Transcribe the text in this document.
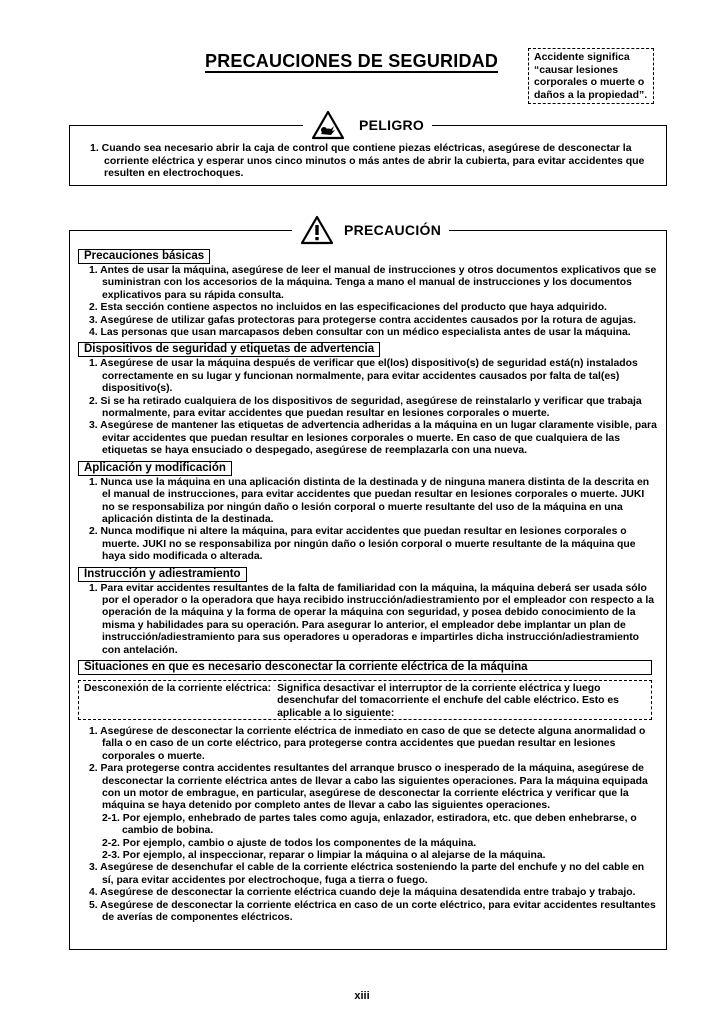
PRECAUCIONES DE SEGURIDAD	Accidente significa “causar lesiones corporales o muerte o daños a la propiedad”.
PELIGRO
1. Cuando sea necesario abrir la caja de control que contiene piezas eléctricas, asegúrese de desconectar la corriente eléctrica y esperar unos cinco minutos o más antes de abrir la cubierta, para evitar accidentes que resulten en electrochoques.
PRECAUCIÓN
Precauciones básicas
1. Antes de usar la máquina, asegúrese de leer el manual de instrucciones y otros documentos explicativos que se suministran con los accesorios de la máquina. Tenga a mano el manual de instrucciones y los documentos explicativos para su rápida consulta.
2. Esta sección contiene aspectos no incluidos en las especificaciones del producto que haya adquirido.
3. Asegúrese de utilizar gafas protectoras para protegerse contra accidentes causados por la rotura de agujas.
4. Las personas que usan marcapasos deben consultar con un médico especialista antes de usar la máquina.
Dispositivos de seguridad y etiquetas de advertencia
1. Asegúrese de usar la máquina después de verificar que el(los) dispositivo(s) de seguridad está(n) instalados correctamente en su lugar y funcionan normalmente, para evitar accidentes causados por falta de tal(es) dispositivo(s).
2. Si se ha retirado cualquiera de los dispositivos de seguridad, asegúrese de reinstalarlo y verificar que trabaja normalmente, para evitar accidentes que puedan resultar en lesiones corporales o muerte.
3. Asegúrese de mantener las etiquetas de advertencia adheridas a la máquina en un lugar claramente visible, para evitar accidentes que puedan resultar en lesiones corporales o muerte. En caso de que cualquiera de las etiquetas se haya ensuciado o despegado, asegúrese de reemplazarla con una nueva.
Aplicación y modificación
1. Nunca use la máquina en una aplicación distinta de la destinada y de ninguna manera distinta de la descrita en el manual de instrucciones, para evitar accidentes que puedan resultar en lesiones corporales o muerte. JUKI no se responsabiliza por ningún daño o lesión corporal o muerte resultante del uso de la máquina en una aplicación distinta de la destinada.
2. Nunca modifique ni altere la máquina, para evitar accidentes que puedan resultar en lesiones corporales o muerte. JUKI no se responsabiliza por ningún daño o lesión corporal o muerte resultante de la máquina que haya sido modificada o alterada.
Instrucción y adiestramiento
1. Para evitar accidentes resultantes de la falta de familiaridad con la máquina, la máquina deberá ser usada sólo por el operador o la operadora que haya recibido instrucción/adiestramiento por el empleador con respecto a la operación de la máquina y la forma de operar la máquina con seguridad, y posea debido conocimiento de la misma y habilidades para su operación. Para asegurar lo anterior, el empleador debe implantar un plan de instrucción/adiestramiento para sus operadores u operadoras e impartirles dicha instrucción/adiestramiento con antelación.
Situaciones en que es necesario desconectar la corriente eléctrica de la máquina
Desconexión de la corriente eléctrica: Significa desactivar el interruptor de la corriente eléctrica y luego desenchufar del tomacorriente el enchufe del cable eléctrico. Esto es aplicable a lo siguiente:
1. Asegúrese de desconectar la corriente eléctrica de inmediato en caso de que se detecte alguna anormalidad o falla o en caso de un corte eléctrico, para protegerse contra accidentes que puedan resultar en lesiones corporales o muerte.
2. Para protegerse contra accidentes resultantes del arranque brusco o inesperado de la máquina, asegúrese de desconectar la corriente eléctrica antes de llevar a cabo las siguientes operaciones. Para la máquina equipada con un motor de embrague, en particular, asegúrese de desconectar la corriente eléctrica y verificar que la máquina se haya detenido por completo antes de llevar a cabo las siguientes operaciones.
2-1. Por ejemplo, enhebrado de partes tales como aguja, enlazador, estiradora, etc. que deben enhebrarse, o cambio de bobina.
2-2. Por ejemplo, cambio o ajuste de todos los componentes de la máquina.
2-3. Por ejemplo, al inspeccionar, reparar o limpiar la máquina o al alejarse de la máquina.
3. Asegúrese de desenchufar el cable de la corriente eléctrica sosteniendo la parte del enchufe y no del cable en sí, para evitar accidentes por electrochoque, fuga a tierra o fuego.
4. Asegúrese de desconectar la corriente eléctrica cuando deje la máquina desatendida entre trabajo y trabajo.
5. Asegúrese de desconectar la corriente eléctrica en caso de un corte eléctrico, para evitar accidentes resultantes de averías de componentes eléctricos.
xiii
